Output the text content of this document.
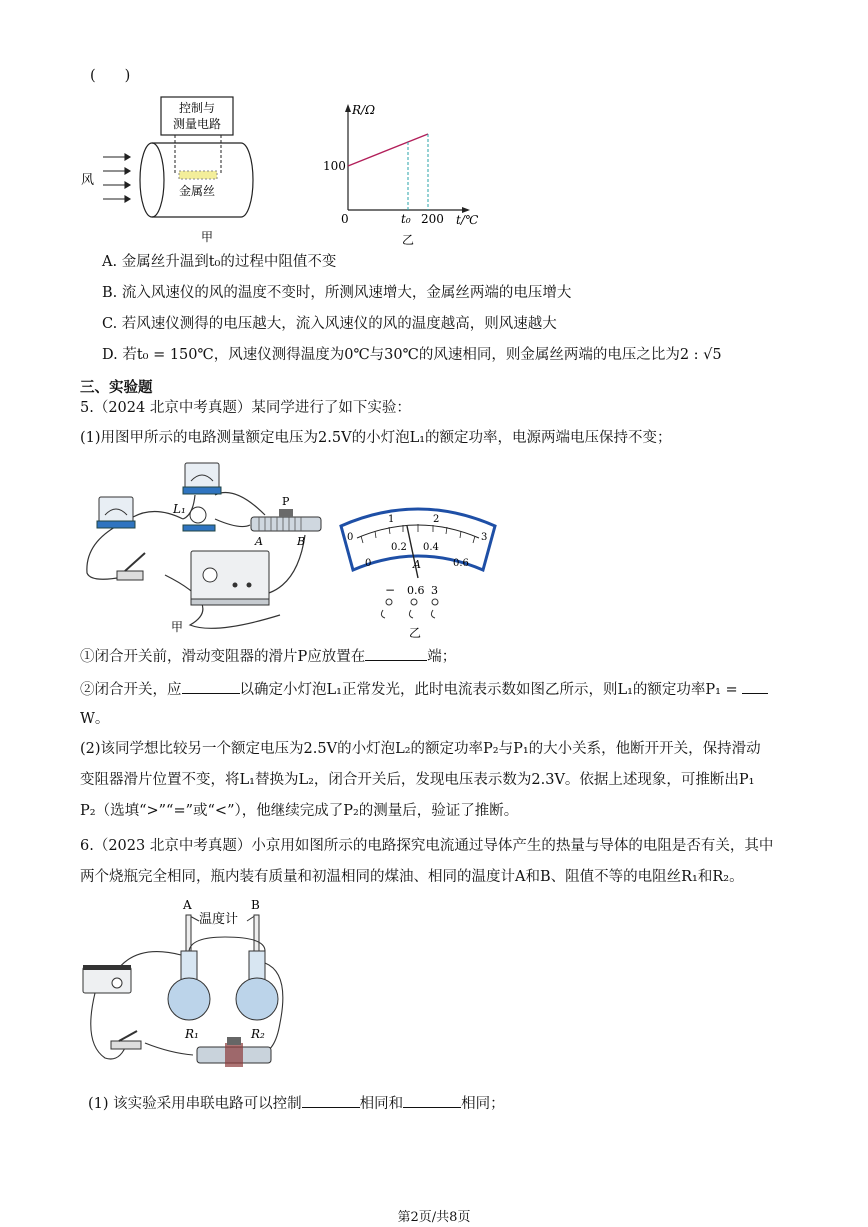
(　　)
控制与
测量电路
金属丝
风
甲
R/Ω
t/℃
0
100
t₀ 200
乙
A. 金属丝升温到t₀的过程中阻值不变
B. 流入风速仪的风的温度不变时，所测风速增大，金属丝两端的电压增大
C. 若风速仪测得的电压越大，流入风速仪的风的温度越高，则风速越大
D. 若t₀ = 150℃，风速仪测得温度为0℃与30℃的风速相同，则金属丝两端的电压之比为2 : √5
三、实验题
5.（2024 北京中考真题）某同学进行了如下实验：
(1)用图甲所示的电路测量额定电压为2.5V的小灯泡L₁的额定功率，电源两端电压保持不变；
L₁
P
A	B
甲
0
1	2
3
0
0.2 0.4
0.6
A
− 0.6 3
乙
①闭合开关前，滑动变阻器的滑片P应放置在	端；
②闭合开关，应	以确定小灯泡L₁正常发光，此时电流表示数如图乙所示，则L₁的额定功率P₁ =
W。
(2)该同学想比较另一个额定电压为2.5V的小灯泡L₂的额定功率P₂与P₁的大小关系，他断开开关，保持滑动
变阻器滑片位置不变，将L₁替换为L₂，闭合开关后，发现电压表示数为2.3V。依据上述现象，可推断出P₁
P₂（选填“>”“=”或“<”），他继续完成了P₂的测量后，验证了推断。
6.（2023 北京中考真题）小京用如图所示的电路探究电流通过导体产生的热量与导体的电阻是否有关，其中
两个烧瓶完全相同，瓶内装有质量和初温相同的煤油、相同的温度计A和B、阻值不等的电阻丝R₁和R₂。
A	B
温度计
R₁	R₂
(1) 该实验采用串联电路可以控制	相同和	相同；
第2页/共8页
